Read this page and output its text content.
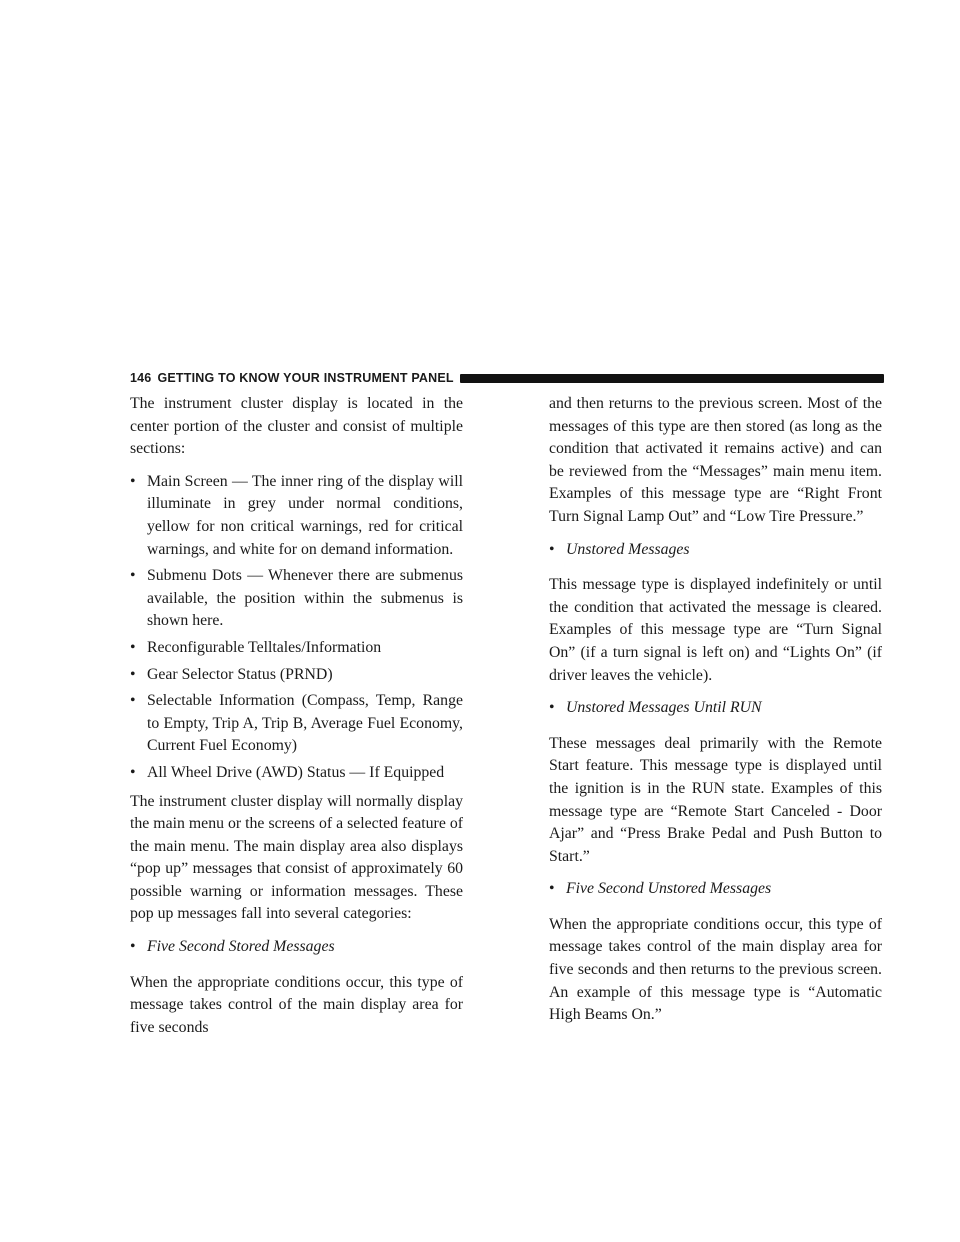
146 GETTING TO KNOW YOUR INSTRUMENT PANEL

The instrument cluster display is located in the center portion of the cluster and consist of multiple sections:

• Main Screen — The inner ring of the display will illuminate in grey under normal conditions, yellow for non critical warnings, red for critical warnings, and white for on demand information.
• Submenu Dots — Whenever there are submenus available, the position within the submenus is shown here.
• Reconfigurable Telltales/Information
• Gear Selector Status (PRND)
• Selectable Information (Compass, Temp, Range to Empty, Trip A, Trip B, Average Fuel Economy, Current Fuel Economy)
• All Wheel Drive (AWD) Status — If Equipped

The instrument cluster display will normally display the main menu or the screens of a selected feature of the main menu. The main display area also displays “pop up” messages that consist of approximately 60 possible warning or information messages. These pop up messages fall into several categories:

• Five Second Stored Messages

When the appropriate conditions occur, this type of message takes control of the main display area for five seconds

and then returns to the previous screen. Most of the messages of this type are then stored (as long as the condition that activated it remains active) and can be reviewed from the “Messages” main menu item. Examples of this message type are “Right Front Turn Signal Lamp Out” and “Low Tire Pressure.”

• Unstored Messages

This message type is displayed indefinitely or until the condition that activated the message is cleared. Examples of this message type are “Turn Signal On” (if a turn signal is left on) and “Lights On” (if driver leaves the vehicle).

• Unstored Messages Until RUN

These messages deal primarily with the Remote Start feature. This message type is displayed until the ignition is in the RUN state. Examples of this message type are “Remote Start Canceled - Door Ajar” and “Press Brake Pedal and Push Button to Start.”

• Five Second Unstored Messages

When the appropriate conditions occur, this type of message takes control of the main display area for five seconds and then returns to the previous screen. An example of this message type is “Automatic High Beams On.”
